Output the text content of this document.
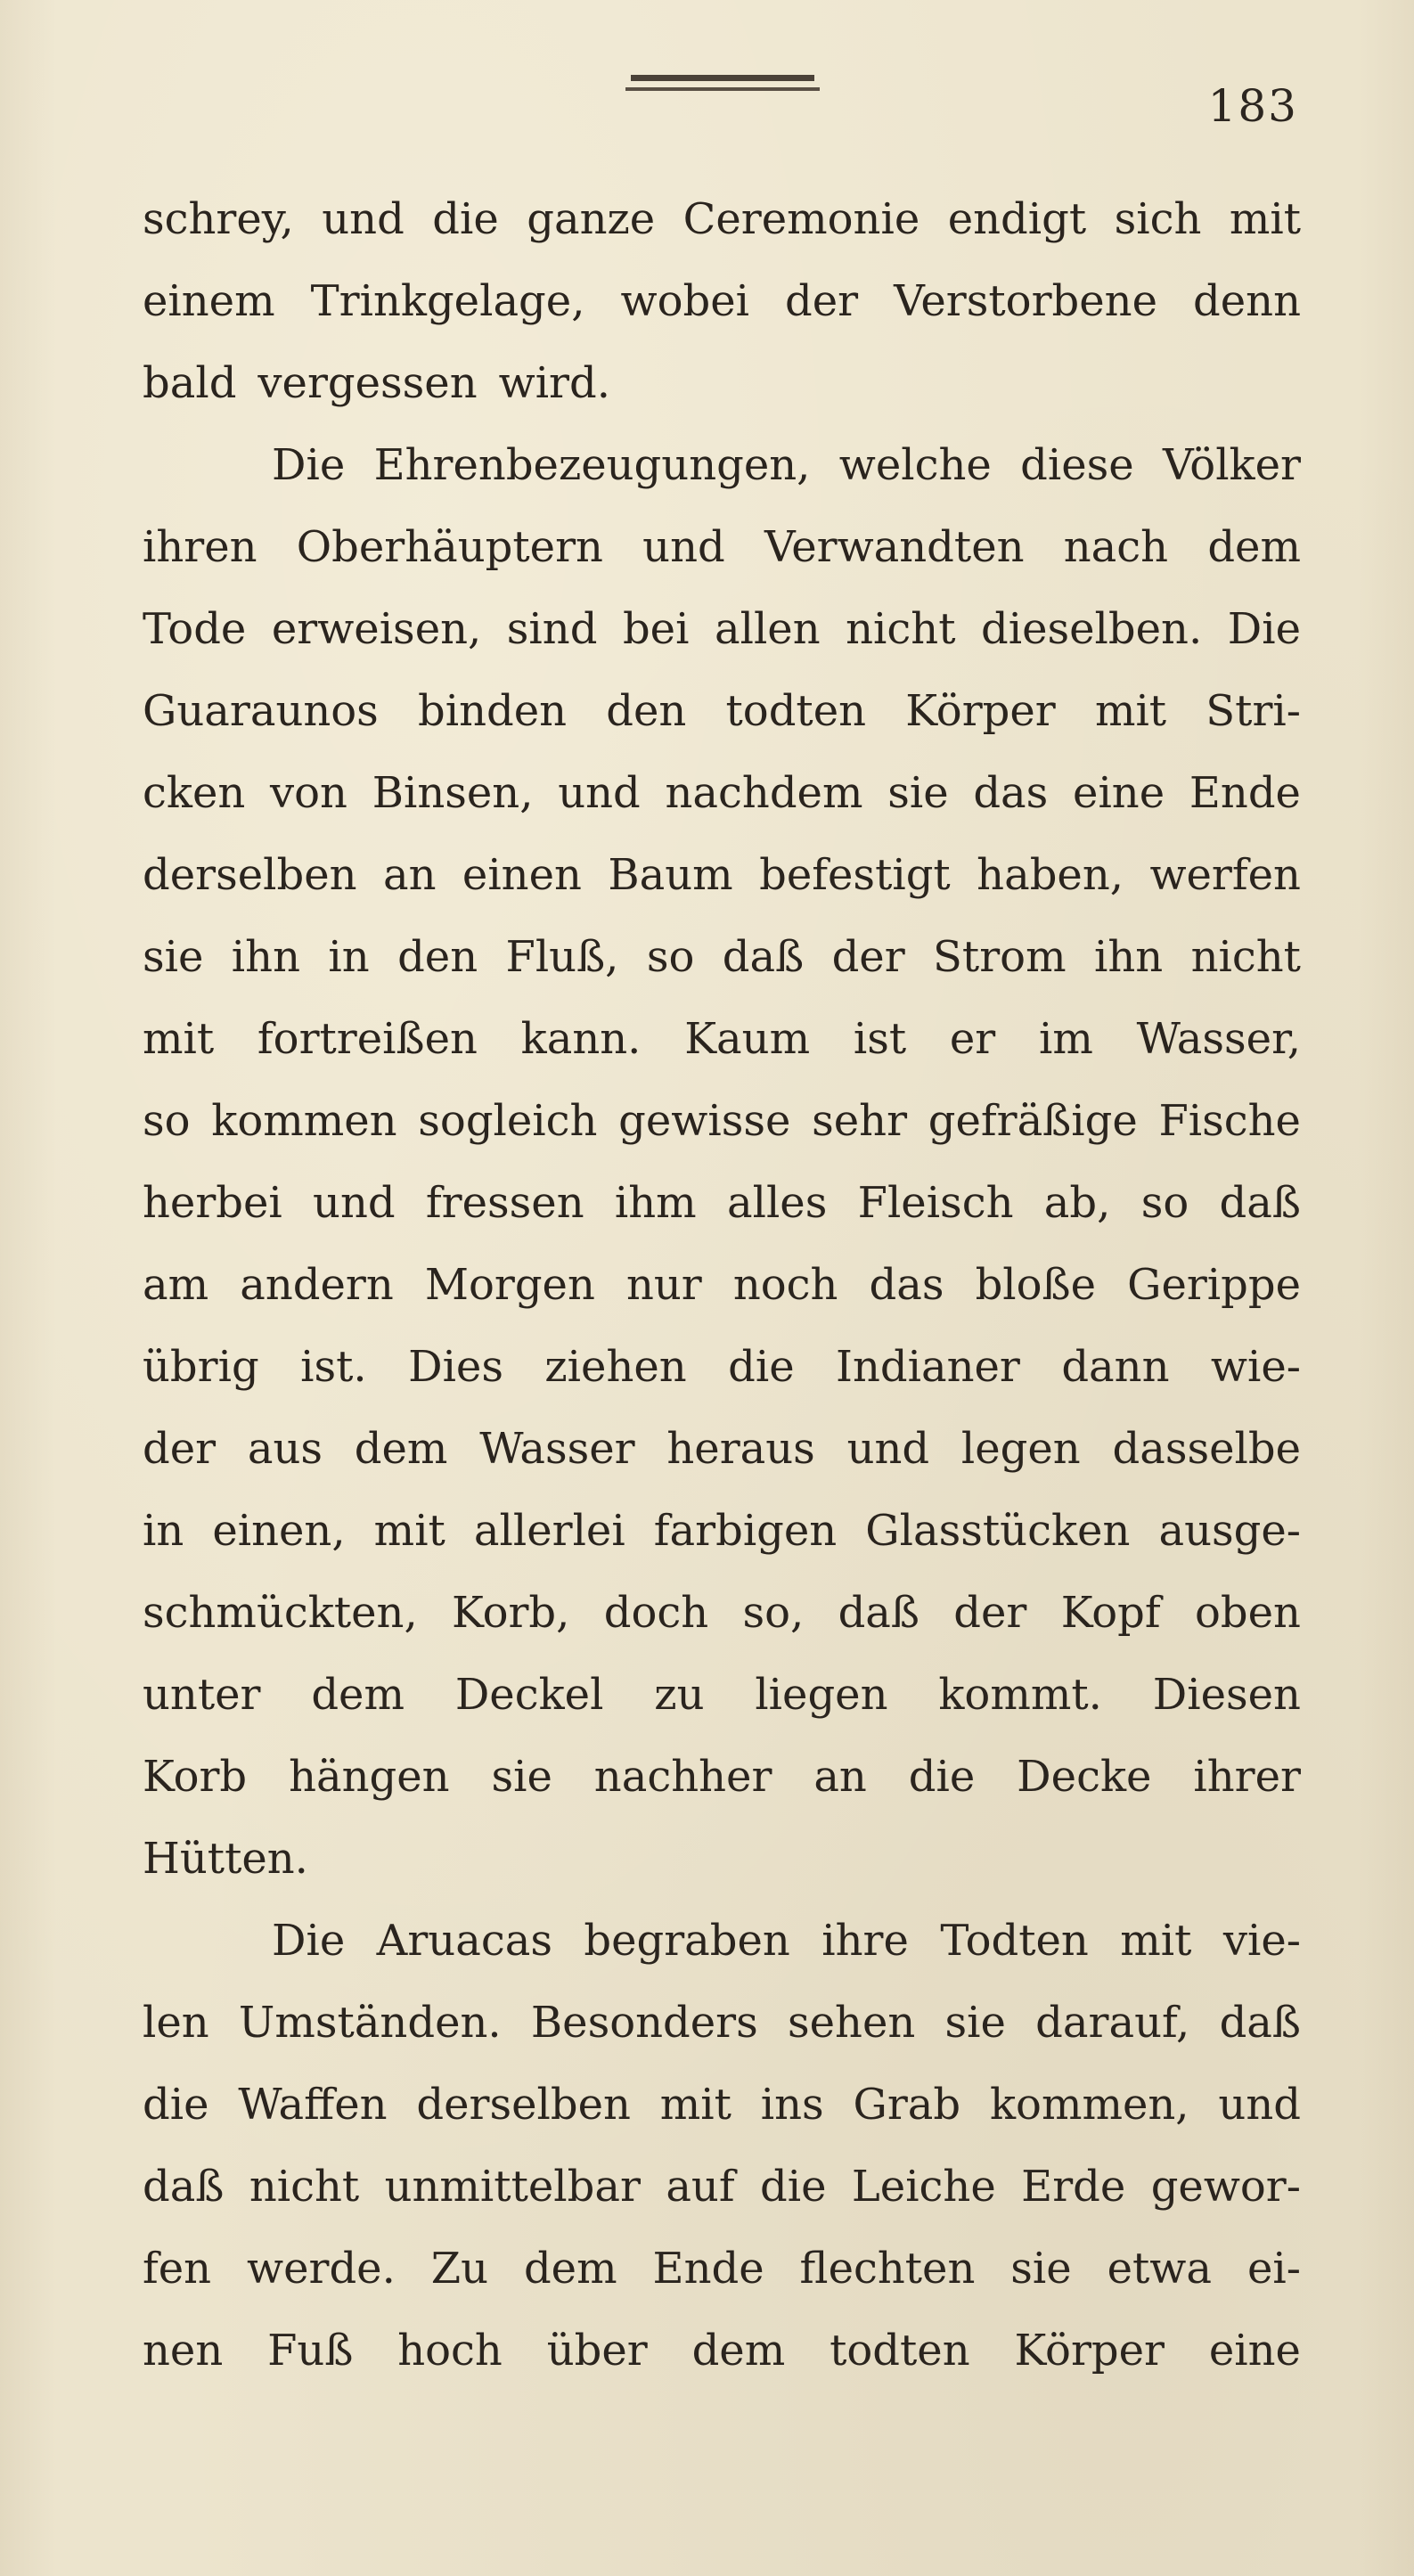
183
schrey, und die ganze Ceremonie endigt sich mit
einem Trinkgelage, wobei der Verstorbene denn
bald vergessen wird.
Die Ehrenbezeugungen, welche diese Völker
ihren Oberhäuptern und Verwandten nach dem
Tode erweisen, sind bei allen nicht dieselben. Die
Guaraunos binden den todten Körper mit Stri-
cken von Binsen, und nachdem sie das eine Ende
derselben an einen Baum befestigt haben, werfen
sie ihn in den Fluß, so daß der Strom ihn nicht
mit fortreißen kann. Kaum ist er im Wasser,
so kommen sogleich gewisse sehr gefräßige Fische
herbei und fressen ihm alles Fleisch ab, so daß
am andern Morgen nur noch das bloße Gerippe
übrig ist. Dies ziehen die Indianer dann wie-
der aus dem Wasser heraus und legen dasselbe
in einen, mit allerlei farbigen Glasstücken ausge-
schmückten, Korb, doch so, daß der Kopf oben
unter dem Deckel zu liegen kommt. Diesen
Korb hängen sie nachher an die Decke ihrer
Hütten.
Die Aruacas begraben ihre Todten mit vie-
len Umständen. Besonders sehen sie darauf, daß
die Waffen derselben mit ins Grab kommen, und
daß nicht unmittelbar auf die Leiche Erde gewor-
fen werde. Zu dem Ende flechten sie etwa ei-
nen Fuß hoch über dem todten Körper eine
